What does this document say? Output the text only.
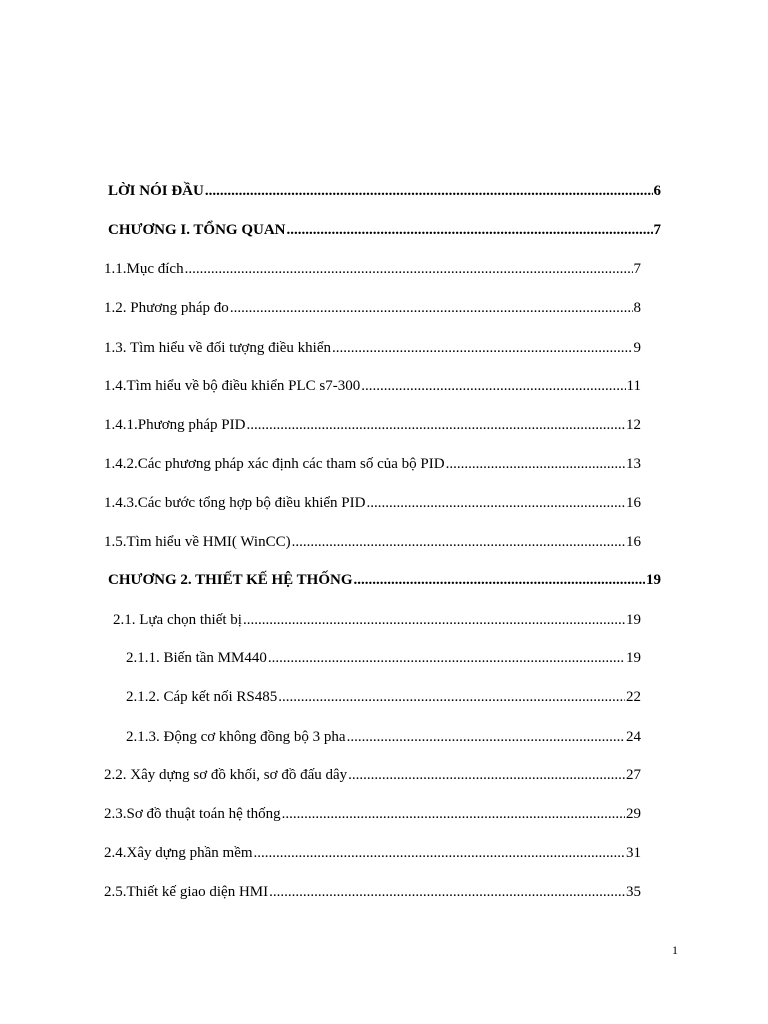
LỜI NÓI ĐẦU .....	6
CHƯƠNG I. TỔNG QUAN .....	7
1.1.Mục đích .....	7
1.2. Phương pháp đo .....	8
1.3. Tìm hiểu về đối tượng điều khiển .....	9
1.4.Tìm hiểu về bộ điều khiển PLC s7-300 .....	11
1.4.1.Phương pháp PID .....	12
1.4.2.Các phương pháp xác định các tham số của bộ PID .....	13
1.4.3.Các bước tổng hợp bộ điều khiển PID .....	16
1.5.Tìm hiểu về HMI( WinCC) .....	16
CHƯƠNG 2. THIẾT KẾ HỆ THỐNG .....	19
2.1. Lựa chọn thiết bị .....	19
2.1.1. Biến tần MM440 .....	19
2.1.2. Cáp kết nối RS485 .....	22
2.1.3. Động cơ không đồng bộ 3 pha .....	24
2.2. Xây dựng sơ đồ khối, sơ đồ đấu dây .....	27
2.3.Sơ đồ thuật toán hệ thống .....	29
2.4.Xây dựng phần mềm .....	31
2.5.Thiết kế giao diện HMI .....	35
1
